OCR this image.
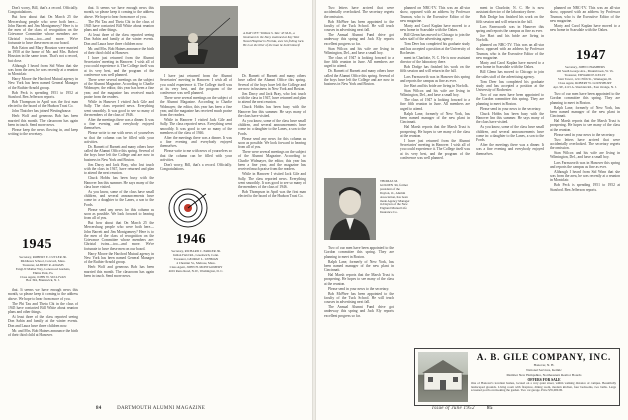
Don't worry, Bill, that's a record. Officially. Congratulations.

But how about that On March 25 the Mercersburg people who were both here—John Barrett and Jim Montgomery? Here is to the men of the class of recognition on the Grievance Committee whose members are: Ghristal twins—too—and more. We're fortunate to have these men on our board.

Bob Eaton and Mary Houston were married in 1950 at the home of Mr. and Mrs. Robert Houston in the same town. That's not a record, but close.

Although I heard from Sid Winn that she was from the area, he was recently at a reunion in Montclair.

Harry Moore the Hartford Mutual agency in New York has been named General Manager of the Ruthin-Arnold group.

Bob Peck is spending 1951 to 1952 at Stanford. Ben Jefferson reports.

Bob Thompson in April was the first man elected to the board of the Hudson Trust Co.

John Thatcher has joined Westinghouse.

Herb Wolf and generous Bob has been married this month. The classroom has again been in touch. Send more news.

Please keep the news flowing in, and keep writing to the secretary.

1945
Secretary, ROBERT E. CUTLER JR.
Middlesex School, Concord, Mass.
Treasurer, ALBERT R. ADAMS
Fengl-N Mather Way, Lonewood Gardens,
Elkins Park, Pa.
Class Agent, JOHN W. SULLIVAN
Box 394, Brunswick, N. J.

that. It seems we have enough news this month, so please keep it coming to the address above. We hope to hear from more of you.

The Phi Tau and Theta Chi in the class of 1945 have contacted Bill White about reunion plans and other things.

At least three of the class reported seeing Don Sabin and family at the winter events. Don and Laura have three children now.

Mr. and Mrs. Bob Haines announce the birth of their third child at Hanover.

that. It seems we have enough news this month, so please keep it coming to the address above. We hope to hear from more of you.

The Phi Tau and Theta Chi in the class of 1945 have contacted Bill White about reunion plans and other things.

At least three of the class reported seeing Don Sabin and family at the winter events. Don and Laura have three children now.

Mr. and Mrs. Bob Haines announce the birth of their third child at Hanover.

I have just returned from the Alumni Secretaries' meeting in Hanover. I wish all of you could experience it. The College itself was at its very best, and the program of the conference was well planned.

There were several meetings on the subject of the Alumni Magazine. According to Charlie Widmayer, the editor, this year has been a fine year, and the magazine has received much praise from the readers.

While in Hanover I visited Jack Gile and Sally. The class reported news. Everything went smoothly. It was good to see so many of the members of the class of 1946.

After the meetings there was a dinner. It was a fine evening and everybody enjoyed themselves.

Please write to me with news of yourselves so that the column can be filled with your activities.

Dr. Barnett of Barnett and many others have called the Alumni Office this spring. Several of the boys have left the College and are now in business in New York and Boston.

Jim Darcy and Jack Bray, who lost touch with the class in 1947, have returned and plan to attend the next reunion.

Chuck Hobbs has been busy with the Hanover Inn this summer. He says many of the class have visited.

As you know, some of the class have small children, and several announcements have come in: a daughter to the Lanes, a son to the Fords.

Please send any news for this column as soon as possible. We look forward to hearing from all of you.

But how about that On March 25 the Mercersburg people who were both here—John Barrett and Jim Montgomery? Here is to the men of the class of recognition on the Grievance Committee whose members are: Ghristal twins—too—and more. We're fortunate to have these men on our board.

Harry Moore the Hartford Mutual agency in New York has been named General Manager of the Ruthin-Arnold group.

Herb Wolf and generous Bob has been married this month. The classroom has again been in touch. Send more news.

A DAY OFF: William S. Tate '43 M.D., a lieutenant in the Navy stationed at Key West Naval Hospital in Florida, uses his fishing luck. He is at the tiller of the boat he built himself.

I have just returned from the Alumni Secretaries' meeting in Hanover. I wish all of you could experience it. The College itself was at its very best, and the program of the conference was well planned.

There were several meetings on the subject of the Alumni Magazine. According to Charlie Widmayer, the editor, this year has been a fine year, and the magazine has received much praise from the readers.

While in Hanover I visited Jack Gile and Sally. The class reported news. Everything went smoothly. It was good to see so many of the members of the class of 1946.

After the meetings there was a dinner. It was a fine evening and everybody enjoyed themselves.

Please write to me with news of yourselves so that the column can be filled with your activities.

Don't worry, Bill, that's a record. Officially. Congratulations.

Dr. Barnett of Barnett and many others have called the Alumni Office this spring. Several of the boys have left the College and are now in business in New York and Boston.

Jim Darcy and Jack Bray, who lost touch with the class in 1947, have returned and plan to attend the next reunion.

Chuck Hobbs has been busy with the Hanover Inn this summer. He says many of the class have visited.

As you know, some of the class have small children, and several announcements have come in: a daughter to the Lanes, a son to the Fords.

Please send any news for this column as soon as possible. We look forward to hearing from all of you.

There were several meetings on the subject of the Alumni Magazine. According to Charlie Widmayer, the editor, this year has been a fine year, and the magazine has received much praise from the readers.

While in Hanover I visited Jack Gile and Sally. The class reported news. Everything went smoothly. It was good to see so many of the members of the class of 1946.

Bob Thompson in April was the first man elected to the board of the Hudson Trust Co.

1946
Secretary, RICHARD C. PARKER JR.
Indian Field Rd., Greenwich, Conn.
Treasurer, GEORGE L. LEHMAN
4 Chestnut St., Melrose, Mass.
Class Agent, JOHN H. MONTGOMERY
4601 Reno Road, N.W., Washington, D. C.
84	DARTMOUTH ALUMNI MAGAZINE

Two letters have arrived that were accidentally overlooked. The secretary regrets the omission.

Bob McPhee has been appointed to the faculty of the Tuck School. He will teach courses in advertising next fall.

The Annual Alumni Fund drive got underway this spring and Jack Ely reports excellent progress so far.

Stan Wilcox and his wife are living in Wilmington, Del., and have a small boy.

The class of 1947 is looking forward to a fine fifth reunion in June. All members are urged to attend.

Dr. Barnett of Barnett and many others have called the Alumni Office this spring. Several of the boys have left the College and are now in business in New York and Boston.

THOMAS M. GOLDEN '46, former president of the Dayton, O., Alumni Association, has been made Agency Manager in Dayton of the New England Mutual Life Insurance Co.

Two of our men have been appointed to the Gordon committee this spring. They are planning to meet in Boston.

Ralph Lane, formerly of New York, has been named manager of the new plant in Cincinnati.

Hal Marsh reports that the Marsh Trust is prospering. He hopes to see many of the class at the reunion.

Please send in your news to the secretary.

Bob McPhee has been appointed to the faculty of the Tuck School. He will teach courses in advertising next fall.

The Annual Alumni Fund drive got underway this spring and Jack Ely reports excellent progress so far.

planned on NBC-TV. This was an all-star show, opposed with an address by Professor Truman, who is the Executive Editor of the new magazine.

Marty and Carol Kaplan have moved to a new home in Scarsdale with the Oakes.

Bill Glenn has moved to Chicago to join the sales staff of the advertising agency.

Tom Deer has completed his graduate study and has accepted a position at the University of Rochester.

ment in Charlotte, N. C. He is now assistant director of the laboratory there.

Bob Dodge has finished his work on the fifth session and will return in the fall.

Lars Farnsworth was in Hanover this spring and reports the campus as fine as ever.

Joe Hart and his bride are living in Norfolk.

Stan Wilcox and his wife are living in Wilmington, Del., and have a small boy.

The class of 1947 is looking forward to a fine fifth reunion in June. All members are urged to attend.

Ralph Lane, formerly of New York, has been named manager of the new plant in Cincinnati.

Hal Marsh reports that the Marsh Trust is prospering. He hopes to see many of the class at the reunion.

I have just returned from the Alumni Secretaries' meeting in Hanover. I wish all of you could experience it. The College itself was at its very best, and the program of the conference was well planned.

ment in Charlotte, N. C. He is now assistant director of the laboratory there.

Bob Dodge has finished his work on the fifth session and will return in the fall.

Lars Farnsworth was in Hanover this spring and reports the campus as fine as ever.

Joe Hart and his bride are living in Norfolk.

planned on NBC-TV. This was an all-star show, opposed with an address by Professor Truman, who is the Executive Editor of the new magazine.

Marty and Carol Kaplan have moved to a new home in Scarsdale with the Oakes.

Bill Glenn has moved to Chicago to join the sales staff of the advertising agency.

Tom Deer has completed his graduate study and has accepted a position at the University of Rochester.

Two of our men have been appointed to the Gordon committee this spring. They are planning to meet in Boston.

Please send in your news to the secretary.

Chuck Hobbs has been busy with the Hanover Inn this summer. He says many of the class have visited.

As you know, some of the class have small children, and several announcements have come in: a daughter to the Lanes, a son to the Fords.

After the meetings there was a dinner. It was a fine evening and everybody enjoyed themselves.

planned on NBC-TV. This was an all-star show, opposed with an address by Professor Truman, who is the Executive Editor of the new magazine.

Marty and Carol Kaplan have moved to a new home in Scarsdale with the Oakes.

1947
Secretary, JOHN CHAMBERS
102 South George Ave., Maunsbrook, W. Va.
Treasurer, EDWARD P. KELLY
Starr Tower, 1211 Fifth St., Waukegan, Ill.
Class Agent, ROBERT W. LOUNSBURY
Apt. 9E, 4115 A. Sheridan Rd., East Orange, N. J.

Two of our men have been appointed to the Gordon committee this spring. They are planning to meet in Boston.

Ralph Lane, formerly of New York, has been named manager of the new plant in Cincinnati.

Hal Marsh reports that the Marsh Trust is prospering. He hopes to see many of the class at the reunion.

Please send in your news to the secretary.

Two letters have arrived that were accidentally overlooked. The secretary regrets the omission.

Stan Wilcox and his wife are living in Wilmington, Del., and have a small boy.

Lars Farnsworth was in Hanover this spring and reports the campus as fine as ever.

Although I heard from Sid Winn that she was from the area, he was recently at a reunion in Montclair.

Bob Peck is spending 1951 to 1952 at Stanford. Ben Jefferson reports.

A. B. GILE COMPANY, INC.
Hanover, N. H.
National Services, Kemtic
Member New Hampshire, Northeastern Realtor Boards
OFFERS FOR SALE
One of Hanover's loveliest homes, located on a very quiet street, within walking distance of campus. Beautifully landscaped grounds. Living room with fireplace, dining room, modern kitchen, four bedrooms, two baths. Large screened porch overlooking the garden. Two car garage. Price $35,000.00.
Issue of June 1952 85
